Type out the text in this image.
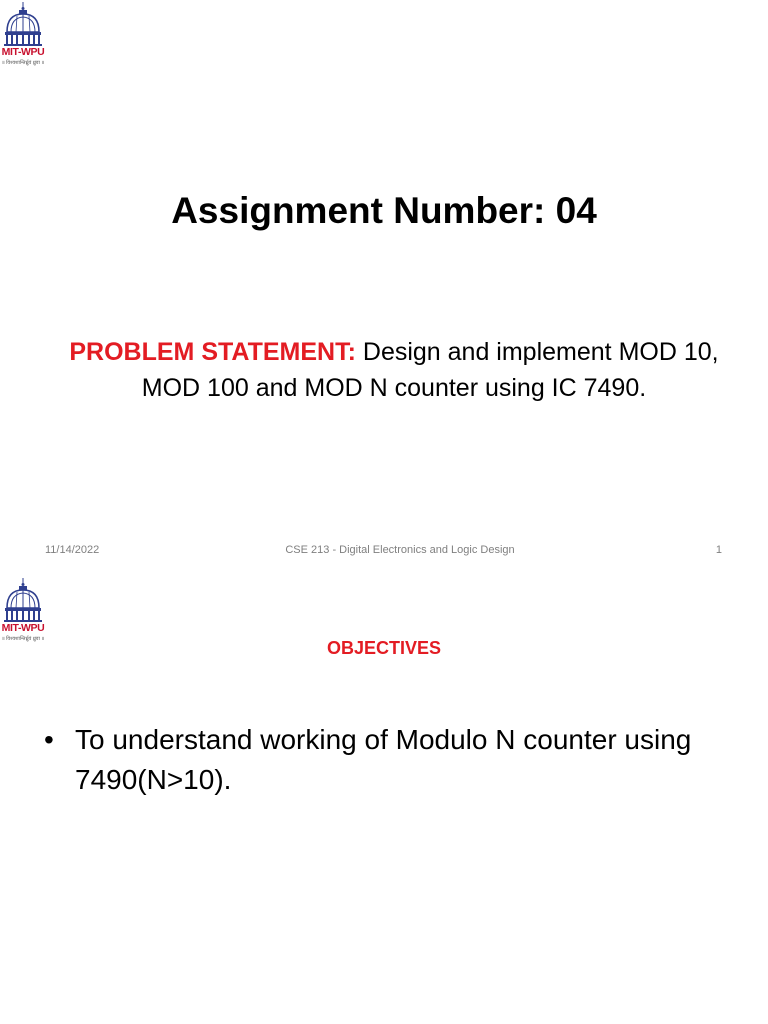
MIT-WPU
॥ विश्वशान्तिर्ध्रुवं ध्रुवा ॥
Assignment Number: 04

PROBLEM STATEMENT: Design and implement MOD 10, MOD 100 and MOD N counter using IC 7490.

11/14/2022	CSE 213 - Digital Electronics and Logic Design	1
MIT-WPU
॥ विश्वशान्तिर्ध्रुवं ध्रुवा ॥	OBJECTIVES
• To understand working of Modulo N counter using 7490(N>10).
